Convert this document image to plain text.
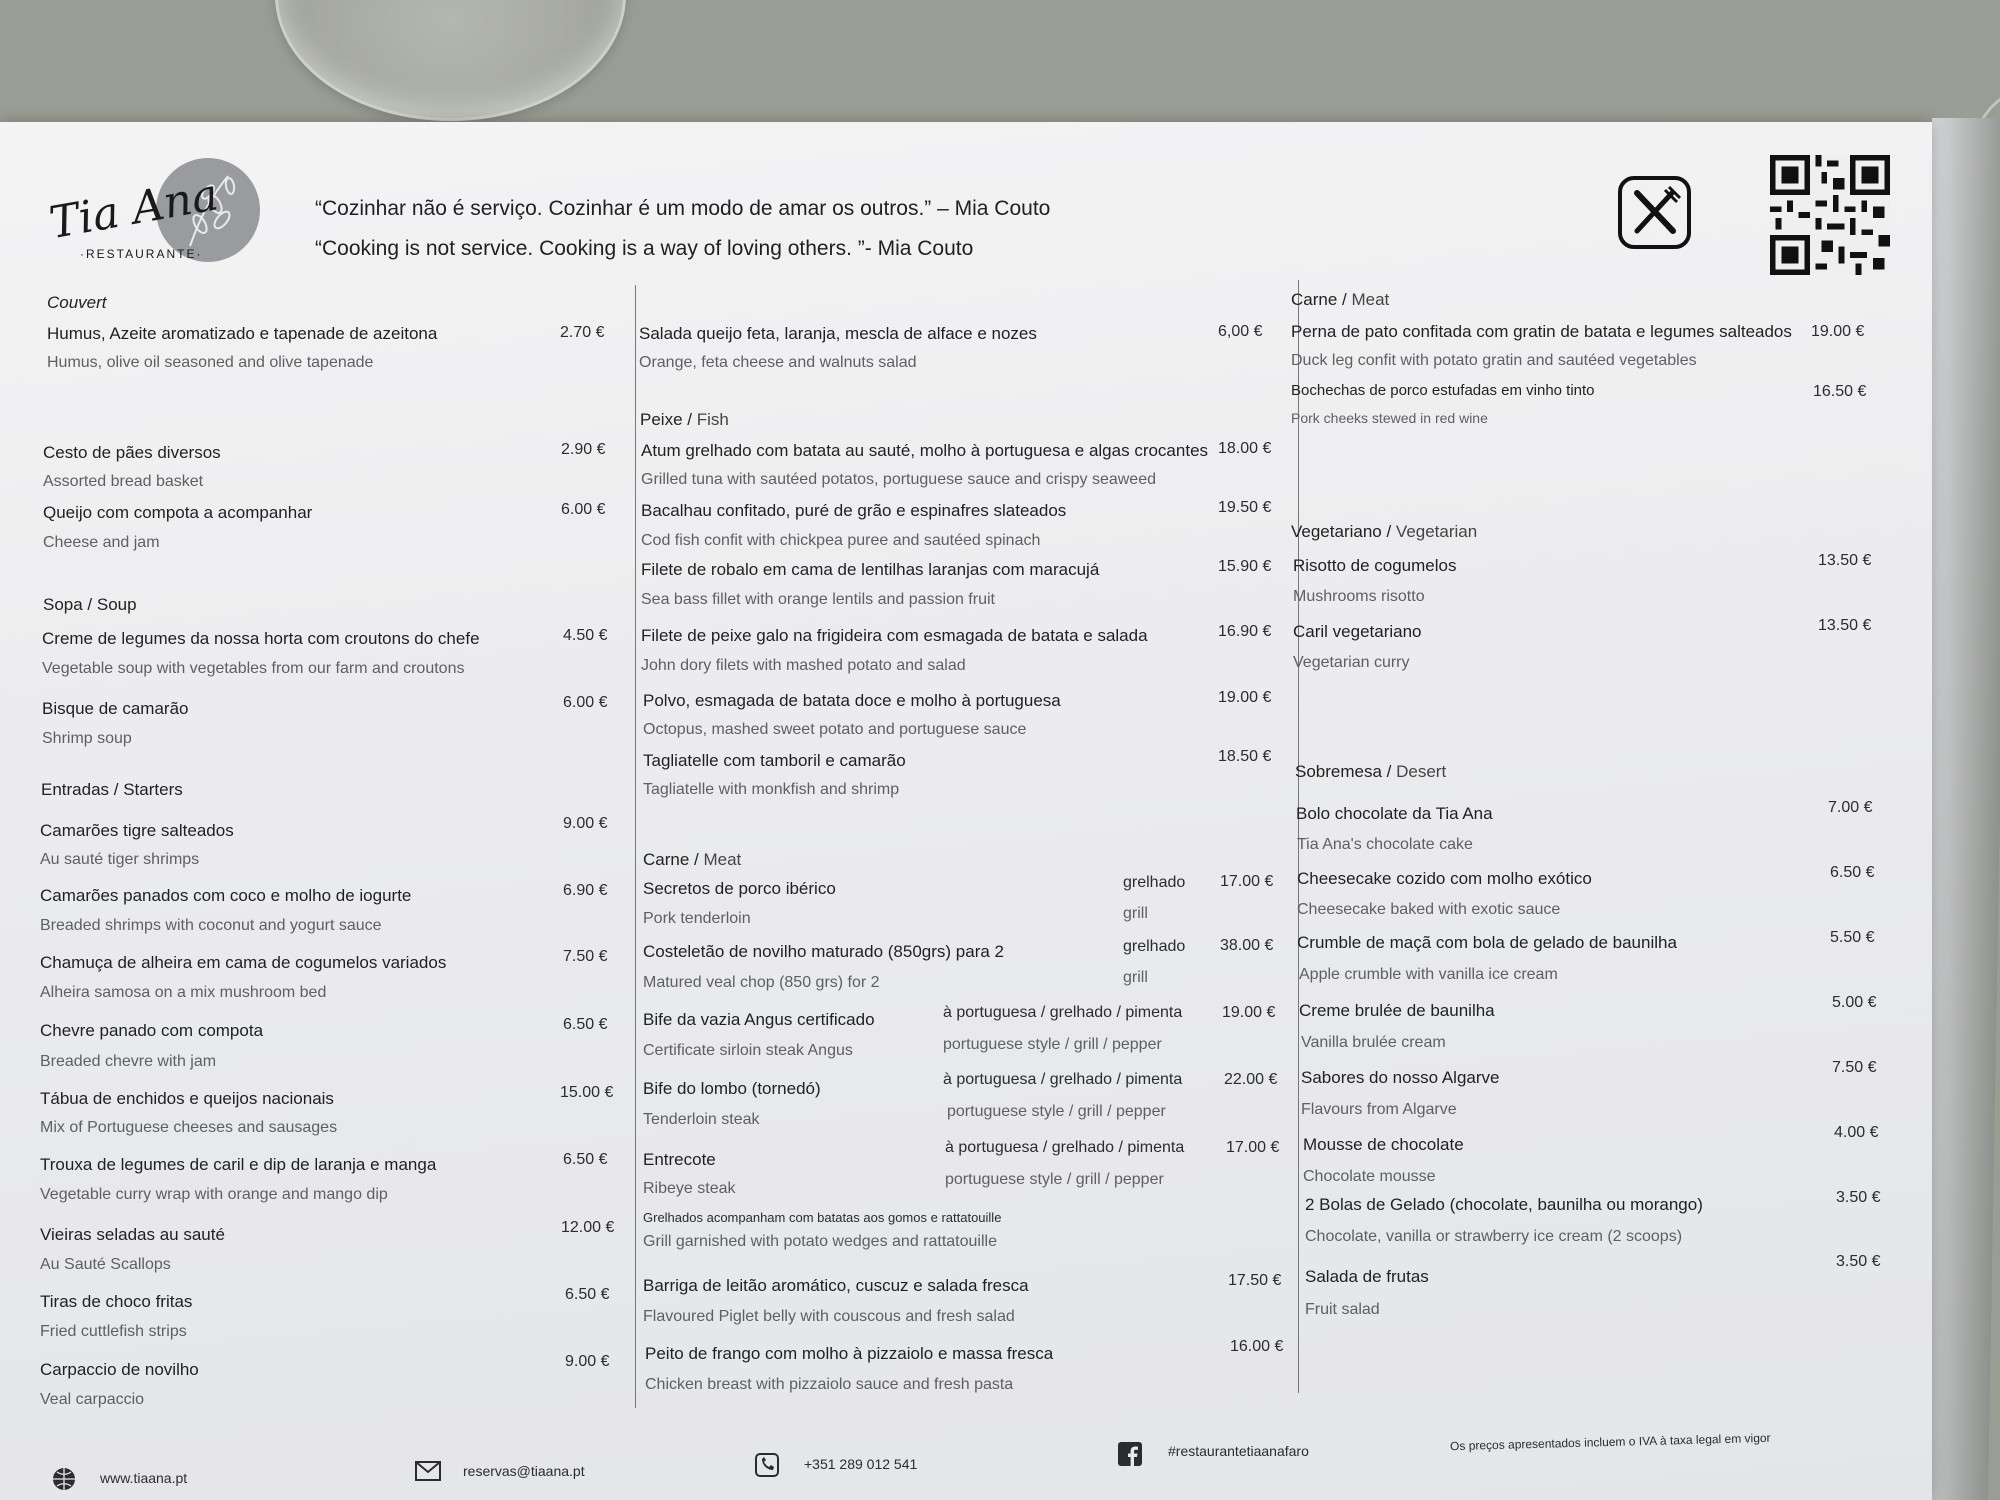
Tia Ana
·RESTAURANTE·
“Cozinhar não é serviço. Cozinhar é um modo de amar os outros.” – Mia Couto
“Cooking is not service. Cooking is a way of loving others. ”- Mia Couto
Couvert
Humus, Azeite aromatizado e tapenade de azeitona
Humus, olive oil seasoned and olive tapenade
2.70 €
Cesto de pães diversos
Assorted bread basket
2.90 €
Queijo com compota a acompanhar
Cheese and jam
6.00 €
Sopa / Soup
Creme de legumes da nossa horta com croutons do chefe
Vegetable soup with vegetables from our farm and croutons
4.50 €
Bisque de camarão
Shrimp soup
6.00 €
Entradas / Starters
Camarões tigre salteados
Au sauté tiger shrimps
9.00 €
Camarões panados com coco e molho de iogurte
Breaded shrimps with coconut and yogurt sauce
6.90 €
Chamuça de alheira em cama de cogumelos variados
Alheira samosa on a mix mushroom bed
7.50 €
Chevre panado com compota
Breaded chevre with jam
6.50 €
Tábua de enchidos e queijos nacionais
Mix of Portuguese cheeses and sausages
15.00 €
Trouxa de legumes de caril e dip de laranja e manga
Vegetable curry wrap with orange and mango dip
6.50 €
Vieiras seladas au sauté
Au Sauté Scallops
12.00 €
Tiras de choco fritas
Fried cuttlefish strips
6.50 €
Carpaccio de novilho
Veal carpaccio
9.00 €
Salada queijo feta, laranja, mescla de alface e nozes
Orange, feta cheese and walnuts salad
6,00 €
Peixe / Fish
Atum grelhado com batata au sauté, molho à portuguesa e algas crocantes
Grilled tuna with sautéed potatos, portuguese sauce and crispy seaweed
18.00 €
Bacalhau confitado, puré de grão e espinafres slateados
Cod fish confit with chickpea puree and sautéed spinach
19.50 €
Filete de robalo em cama de lentilhas laranjas com maracujá
Sea bass fillet with orange lentils and passion fruit
15.90 €
Filete de peixe galo na frigideira com esmagada de batata e salada
John dory filets with mashed potato and salad
16.90 €
Polvo, esmagada de batata doce e molho à portuguesa
Octopus, mashed sweet potato and portuguese sauce
19.00 €
Tagliatelle com tamboril e camarão
Tagliatelle with monkfish and shrimp
18.50 €
Carne / Meat
Secretos de porco ibérico
Pork tenderloin
grelhado
grill
17.00 €
Costeletão de novilho maturado (850grs) para 2
Matured veal chop (850 grs) for 2
grelhado
grill
38.00 €
Bife da vazia Angus certificado
Certificate sirloin steak Angus
à portuguesa / grelhado / pimenta
portuguese style / grill / pepper
19.00 €
Bife do lombo (tornedó)
Tenderloin steak
à portuguesa / grelhado / pimenta
portuguese style / grill / pepper
22.00 €
Entrecote
Ribeye steak
à portuguesa / grelhado / pimenta
portuguese style / grill / pepper
17.00 €
Grelhados acompanham com batatas aos gomos e rattatouille
Grill garnished with potato wedges and rattatouille
Barriga de leitão aromático, cuscuz e salada fresca
Flavoured Piglet belly with couscous and fresh salad
17.50 €
Peito de frango com molho à pizzaiolo e massa fresca
Chicken breast with pizzaiolo sauce and fresh pasta
16.00 €
Carne / Meat
Perna de pato confitada com gratin de batata e legumes salteados
Duck leg confit with potato gratin and sautéed vegetables
19.00 €
Bochechas de porco estufadas em vinho tinto
Pork cheeks stewed in red wine
16.50 €
Vegetariano / Vegetarian
Risotto de cogumelos
Mushrooms risotto
13.50 €
Caril vegetariano
Vegetarian curry
13.50 €
Sobremesa / Desert
Bolo chocolate da Tia Ana
Tia Ana's chocolate cake
7.00 €
Cheesecake cozido com molho exótico
Cheesecake baked with exotic sauce
6.50 €
Crumble de maçã com bola de gelado de baunilha
Apple crumble with vanilla ice cream
5.50 €
Creme brulée de baunilha
Vanilla brulée cream
5.00 €
Sabores do nosso Algarve
Flavours from Algarve
7.50 €
Mousse de chocolate
Chocolate mousse
4.00 €
2 Bolas de Gelado (chocolate, baunilha ou morango)
Chocolate, vanilla or strawberry ice cream (2 scoops)
3.50 €
Salada de frutas
Fruit salad
3.50 €
www.tiaana.pt	reservas@tiaana.pt	+351 289 012 541
#restaurantetiaanafaro	Os preços apresentados incluem o IVA à taxa legal em vigor
